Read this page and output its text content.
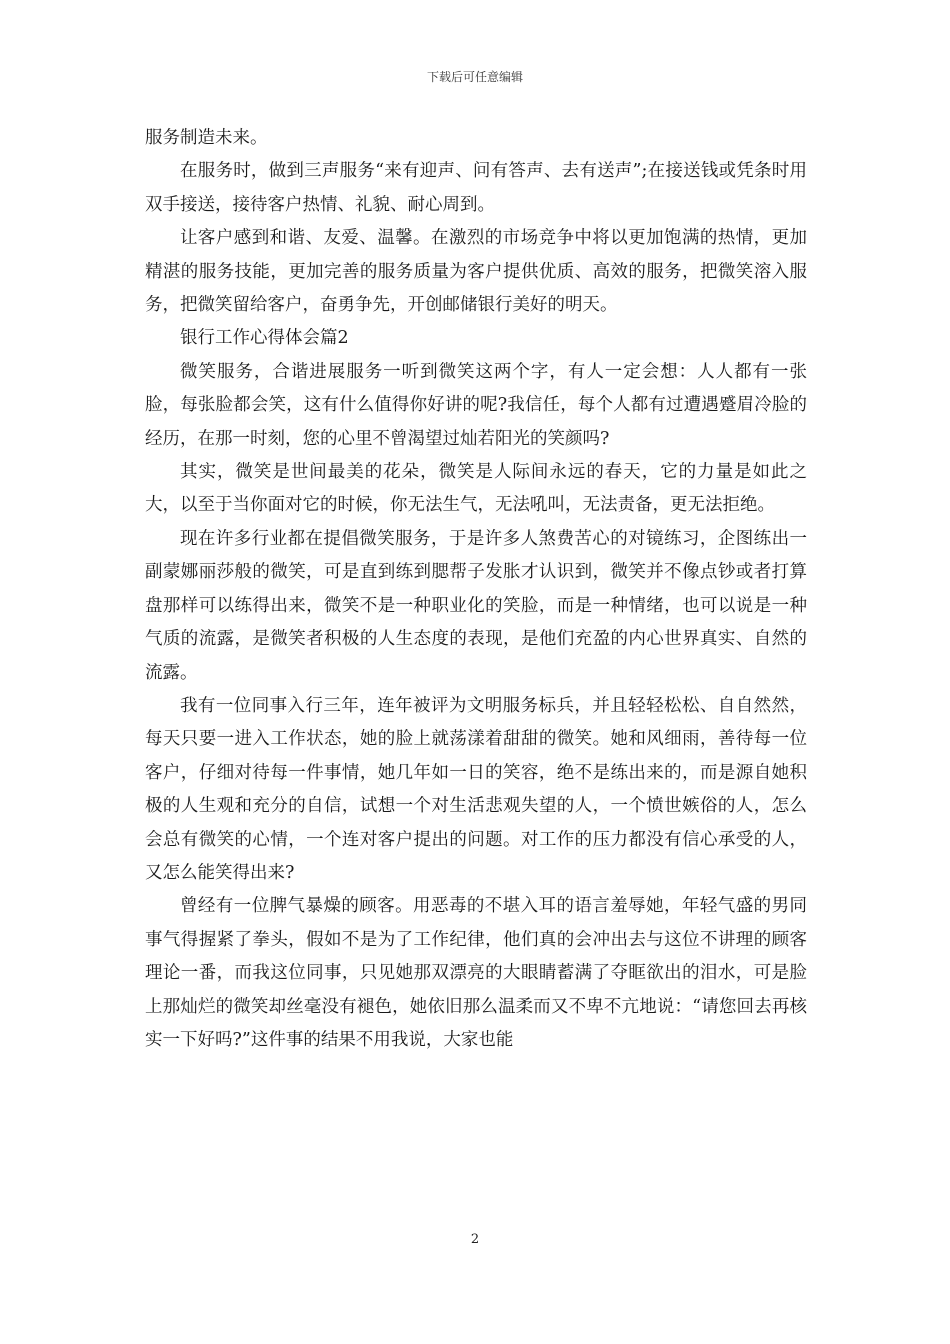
下载后可任意编辑

服务制造未来。

在服务时，做到三声服务“来有迎声、问有答声、去有送声”;在接送钱或凭条时用双手接送，接待客户热情、礼貌、耐心周到。

让客户感到和谐、友爱、温馨。在激烈的市场竞争中将以更加饱满的热情，更加精湛的服务技能，更加完善的服务质量为客户提供优质、高效的服务，把微笑溶入服务，把微笑留给客户，奋勇争先，开创邮储银行美好的明天。

银行工作心得体会篇2

微笑服务，合谐进展服务一听到微笑这两个字，有人一定会想：人人都有一张脸，每张脸都会笑，这有什么值得你好讲的呢?我信任，每个人都有过遭遇蹙眉冷脸的经历，在那一时刻，您的心里不曾渴望过灿若阳光的笑颜吗?

其实，微笑是世间最美的花朵，微笑是人际间永远的春天，它的力量是如此之大，以至于当你面对它的时候，你无法生气，无法吼叫，无法责备，更无法拒绝。

现在许多行业都在提倡微笑服务，于是许多人煞费苦心的对镜练习，企图练出一副蒙娜丽莎般的微笑，可是直到练到腮帮子发胀才认识到，微笑并不像点钞或者打算盘那样可以练得出来，微笑不是一种职业化的笑脸，而是一种情绪，也可以说是一种气质的流露，是微笑者积极的人生态度的表现，是他们充盈的内心世界真实、自然的流露。

我有一位同事入行三年，连年被评为文明服务标兵，并且轻轻松松、自自然然，每天只要一进入工作状态，她的脸上就荡漾着甜甜的微笑。她和风细雨，善待每一位客户，仔细对待每一件事情，她几年如一日的笑容，绝不是练出来的，而是源自她积极的人生观和充分的自信，试想一个对生活悲观失望的人，一个愤世嫉俗的人，怎么会总有微笑的心情，一个连对客户提出的问题。对工作的压力都没有信心承受的人，又怎么能笑得出来?

曾经有一位脾气暴燥的顾客。用恶毒的不堪入耳的语言羞辱她，年轻气盛的男同事气得握紧了拳头，假如不是为了工作纪律，他们真的会冲出去与这位不讲理的顾客理论一番，而我这位同事，只见她那双漂亮的大眼睛蓄满了夺眶欲出的泪水，可是脸上那灿烂的微笑却丝毫没有褪色，她依旧那么温柔而又不卑不亢地说：“请您回去再核实一下好吗?”这件事的结果不用我说，大家也能

2
